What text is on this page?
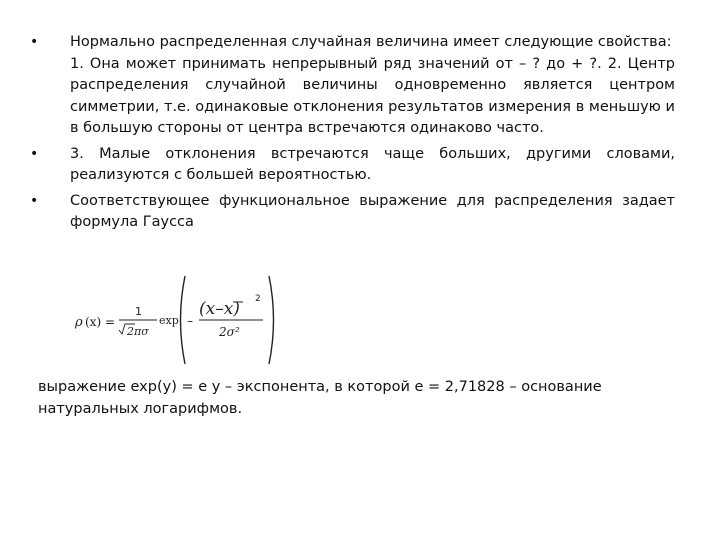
• Нормально распределенная случайная величина имеет следующие свойства:
1. Она может принимать непрерывный ряд значений от – ? до + ?. 2. Центр распределения случайной величины одновременно является центром симметрии, т.е. одинаковые отклонения результатов измерения в меньшую и в большую стороны от центра встречаются одинаково часто.
• 3. Малые отклонения встречаются чаще больших, другими словами, реализуются с большей вероятностью.
• Соответствующее функциональное выражение для распределения задает формула Гаусса
ρ (x) =
1
2πσ
exp –
(x–x) 2
2σ²
выражение exp(y) = e y – экспонента, в которой e = 2,71828 – основание
натуральных логарифмов.
